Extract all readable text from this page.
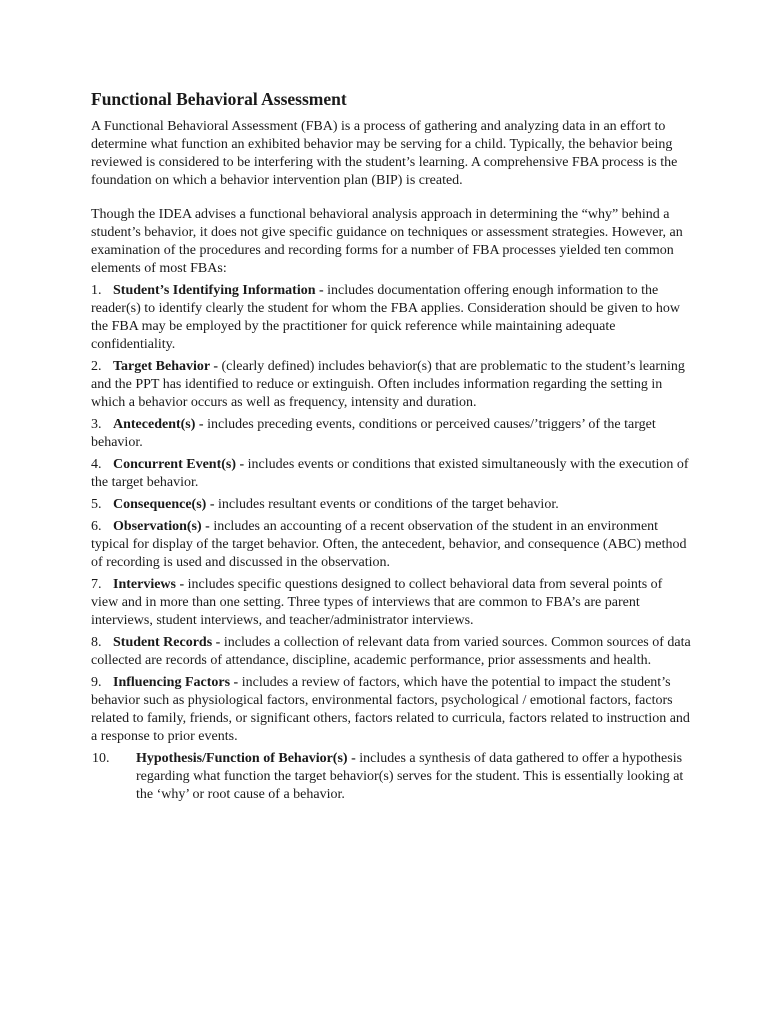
Functional Behavioral Assessment

A Functional Behavioral Assessment (FBA) is a process of gathering and analyzing data in an effort to determine what function an exhibited behavior may be serving for a child. Typically, the behavior being reviewed is considered to be interfering with the student’s learning. A comprehensive FBA process is the foundation on which a behavior intervention plan (BIP) is created.

Though the IDEA advises a functional behavioral analysis approach in determining the “why” behind a student’s behavior, it does not give specific guidance on techniques or assessment strategies. However, an examination of the procedures and recording forms for a number of FBA processes yielded ten common elements of most FBAs:

1. Student’s Identifying Information - includes documentation offering enough information to the reader(s) to identify clearly the student for whom the FBA applies. Consideration should be given to how the FBA may be employed by the practitioner for quick reference while maintaining adequate confidentiality.
2. Target Behavior - (clearly defined) includes behavior(s) that are problematic to the student’s learning and the PPT has identified to reduce or extinguish. Often includes information regarding the setting in which a behavior occurs as well as frequency, intensity and duration.
3. Antecedent(s) - includes preceding events, conditions or perceived causes/’triggers’ of the target behavior.
4. Concurrent Event(s) - includes events or conditions that existed simultaneously with the execution of the target behavior.
5. Consequence(s) - includes resultant events or conditions of the target behavior.
6. Observation(s) - includes an accounting of a recent observation of the student in an environment typical for display of the target behavior. Often, the antecedent, behavior, and consequence (ABC) method of recording is used and discussed in the observation.
7. Interviews - includes specific questions designed to collect behavioral data from several points of view and in more than one setting. Three types of interviews that are common to FBA’s are parent interviews, student interviews, and teacher/administrator interviews.
8. Student Records - includes a collection of relevant data from varied sources. Common sources of data collected are records of attendance, discipline, academic performance, prior assessments and health.
9. Influencing Factors - includes a review of factors, which have the potential to impact the student’s behavior such as physiological factors, environmental factors, psychological / emotional factors, factors related to family, friends, or significant others, factors related to curricula, factors related to instruction and a response to prior events.
10. Hypothesis/Function of Behavior(s) - includes a synthesis of data gathered to offer a hypothesis regarding what function the target behavior(s) serves for the student. This is essentially looking at the ‘why’ or root cause of a behavior.
